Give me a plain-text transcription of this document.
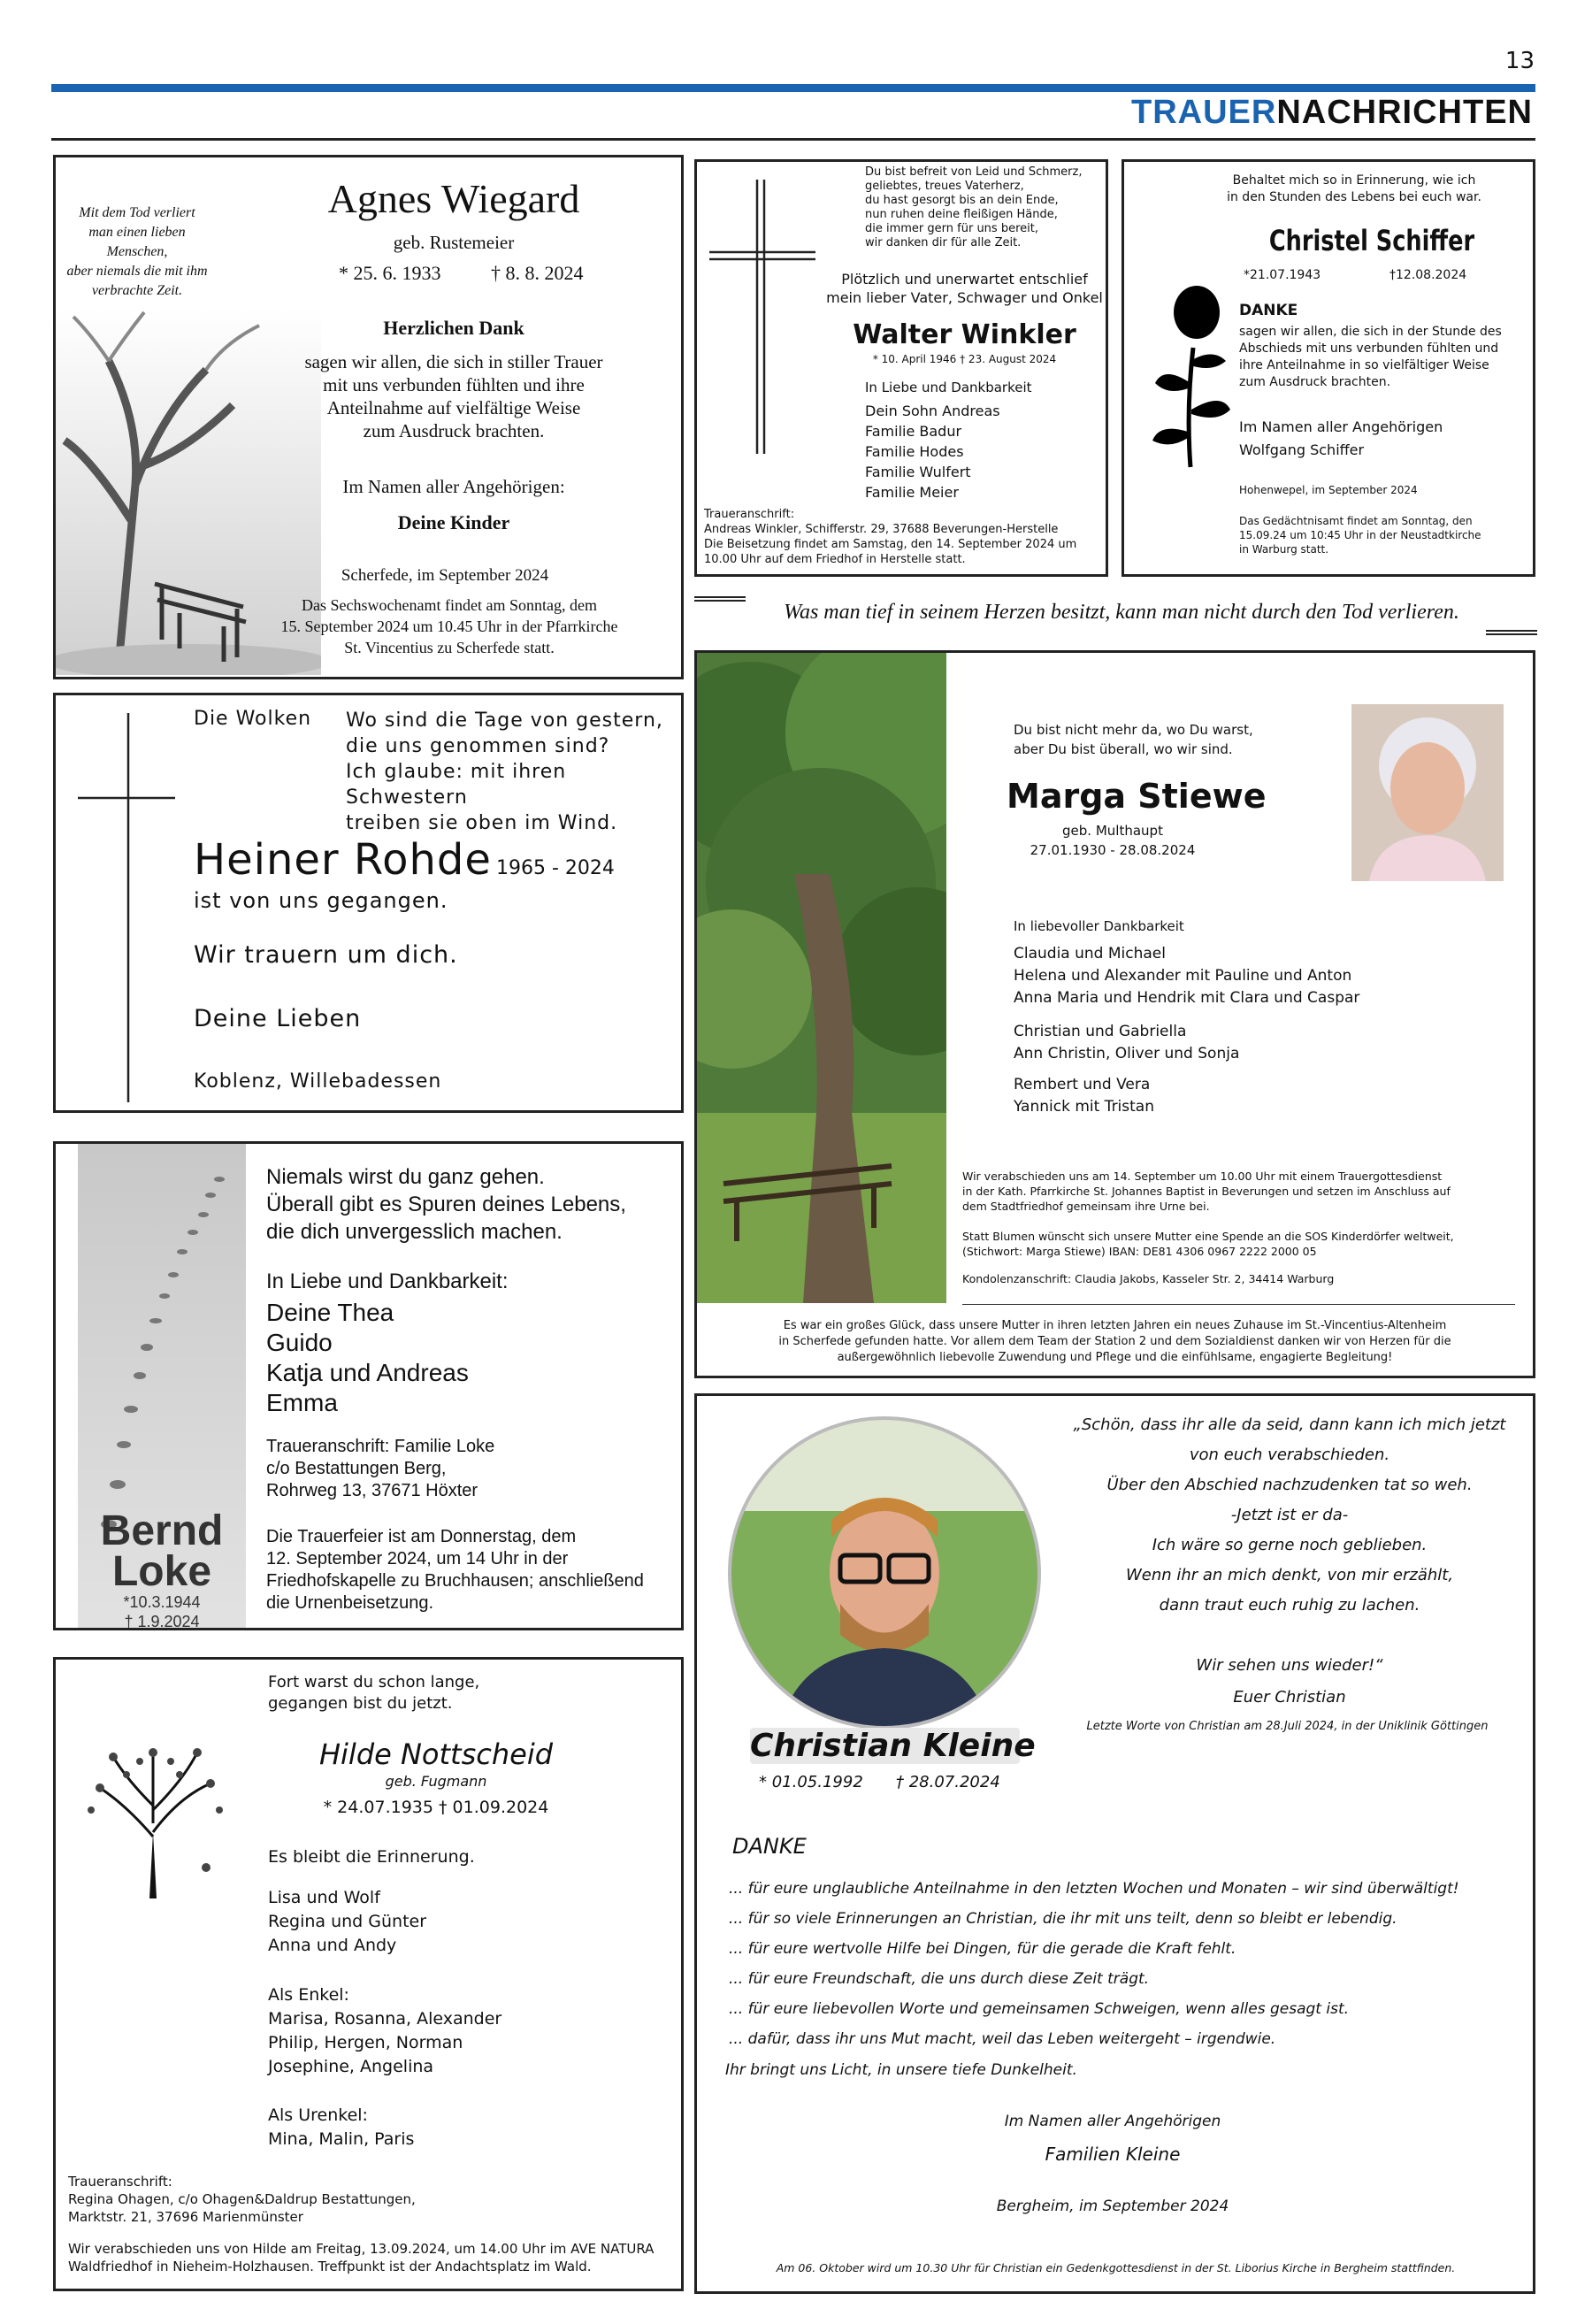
13
TRAUERNACHRICHTEN
Mit dem Tod verliert
man einen lieben Menschen,
aber niemals die mit ihm
verbrachte Zeit.
Agnes Wiegard
geb. Rustemeier
* 25. 6. 1933	† 8. 8. 2024
Herzlichen Dank
sagen wir allen, die sich in stiller Trauer
mit uns verbunden fühlten und ihre
Anteilnahme auf vielfältige Weise
zum Ausdruck brachten.
Im Namen aller Angehörigen:
Deine Kinder
Scherfede, im September 2024
Das Sechswochenamt findet am Sonntag, dem
15. September 2024 um 10.45 Uhr in der Pfarrkirche
St. Vincentius zu Scherfede statt.
Du bist befreit von Leid und Schmerz,
geliebtes, treues Vaterherz,
du hast gesorgt bis an dein Ende,
nun ruhen deine fleißigen Hände,
die immer gern für uns bereit,
wir danken dir für alle Zeit.
Plötzlich und unerwartet entschlief
mein lieber Vater, Schwager und Onkel
Walter Winkler
* 10. April 1946 † 23. August 2024
In Liebe und Dankbarkeit
Dein Sohn Andreas
Familie Badur
Familie Hodes
Familie Wulfert
Familie Meier
Traueranschrift:
Andreas Winkler, Schifferstr. 29, 37688 Beverungen-Herstelle
Die Beisetzung findet am Samstag, den 14. September 2024 um
10.00 Uhr auf dem Friedhof in Herstelle statt.
Behaltet mich so in Erinnerung, wie ich
in den Stunden des Lebens bei euch war.
Christel Schiffer
*21.07.1943	†12.08.2024
DANKE
sagen wir allen, die sich in der Stunde des
Abschieds mit uns verbunden fühlten und
ihre Anteilnahme in so vielfältiger Weise
zum Ausdruck brachten.
Im Namen aller Angehörigen
Wolfgang Schiffer
Hohenwepel, im September 2024
Das Gedächtnisamt findet am Sonntag, den
15.09.24 um 10:45 Uhr in der Neustadtkirche
in Warburg statt.
Was man tief in seinem Herzen besitzt, kann man nicht durch den Tod verlieren.
Die Wolken Wo sind die Tage von gestern,
die uns genommen sind?
Ich glaube: mit ihren Schwestern
treiben sie oben im Wind.
Heiner Rohde 1965 - 2024
ist von uns gegangen.
Wir trauern um dich.
Deine Lieben
Koblenz, Willebadessen
Du bist nicht mehr da, wo Du warst,
aber Du bist überall, wo wir sind.
Marga Stiewe
geb. Multhaupt
27.01.1930 - 28.08.2024
In liebevoller Dankbarkeit
Claudia und Michael
Helena und Alexander mit Pauline und Anton
Anna Maria und Hendrik mit Clara und Caspar
Christian und Gabriella
Ann Christin, Oliver und Sonja
Rembert und Vera
Yannick mit Tristan
Wir verabschieden uns am 14. September um 10.00 Uhr mit einem Trauergottesdienst
in der Kath. Pfarrkirche St. Johannes Baptist in Beverungen und setzen im Anschluss auf
dem Stadtfriedhof gemeinsam ihre Urne bei.
Statt Blumen wünscht sich unsere Mutter eine Spende an die SOS Kinderdörfer weltweit,
(Stichwort: Marga Stiewe) IBAN: DE81 4306 0967 2222 2000 05
Kondolenzanschrift: Claudia Jakobs, Kasseler Str. 2, 34414 Warburg
Es war ein großes Glück, dass unsere Mutter in ihren letzten Jahren ein neues Zuhause im St.-Vincentius-Altenheim
in Scherfede gefunden hatte. Vor allem dem Team der Station 2 und dem Sozialdienst danken wir von Herzen für die
außergewöhnlich liebevolle Zuwendung und Pflege und die einfühlsame, engagierte Begleitung!
Bernd
Loke
*10.3.1944
† 1.9.2024
Niemals wirst du ganz gehen.
Überall gibt es Spuren deines Lebens,
die dich unvergesslich machen.
In Liebe und Dankbarkeit:
Deine Thea
Guido
Katja und Andreas
Emma
Traueranschrift: Familie Loke
c/o Bestattungen Berg,
Rohrweg 13, 37671 Höxter
Die Trauerfeier ist am Donnerstag, dem
12. September 2024, um 14 Uhr in der
Friedhofskapelle zu Bruchhausen; anschließend
die Urnenbeisetzung.
Fort warst du schon lange,
gegangen bist du jetzt.
Hilde Nottscheid
geb. Fugmann
* 24.07.1935 † 01.09.2024
Es bleibt die Erinnerung.
Lisa und Wolf
Regina und Günter
Anna und Andy
Als Enkel:
Marisa, Rosanna, Alexander
Philip, Hergen, Norman
Josephine, Angelina
Als Urenkel:
Mina, Malin, Paris
Traueranschrift:
Regina Ohagen, c/o Ohagen&Daldrup Bestattungen,
Marktstr. 21, 37696 Marienmünster
Wir verabschieden uns von Hilde am Freitag, 13.09.2024, um 14.00 Uhr im AVE NATURA
Waldfriedhof in Nieheim-Holzhausen. Treffpunkt ist der Andachtsplatz im Wald.
Christian Kleine
* 01.05.1992 † 28.07.2024
„Schön, dass ihr alle da seid, dann kann ich mich jetzt
von euch verabschieden.
Über den Abschied nachzudenken tat so weh.
-Jetzt ist er da-
Ich wäre so gerne noch geblieben.
Wenn ihr an mich denkt, von mir erzählt,
dann traut euch ruhig zu lachen.
Wir sehen uns wieder!“
Euer Christian
Letzte Worte von Christian am 28.Juli 2024, in der Uniklinik Göttingen
DANKE
... für eure unglaubliche Anteilnahme in den letzten Wochen und Monaten – wir sind überwältigt!
... für so viele Erinnerungen an Christian, die ihr mit uns teilt, denn so bleibt er lebendig.
... für eure wertvolle Hilfe bei Dingen, für die gerade die Kraft fehlt.
... für eure Freundschaft, die uns durch diese Zeit trägt.
... für eure liebevollen Worte und gemeinsamen Schweigen, wenn alles gesagt ist.
... dafür, dass ihr uns Mut macht, weil das Leben weitergeht – irgendwie.
Ihr bringt uns Licht, in unsere tiefe Dunkelheit.
Im Namen aller Angehörigen
Familien Kleine
Bergheim, im September 2024
Am 06. Oktober wird um 10.30 Uhr für Christian ein Gedenkgottesdienst in der St. Liborius Kirche in Bergheim stattfinden.
